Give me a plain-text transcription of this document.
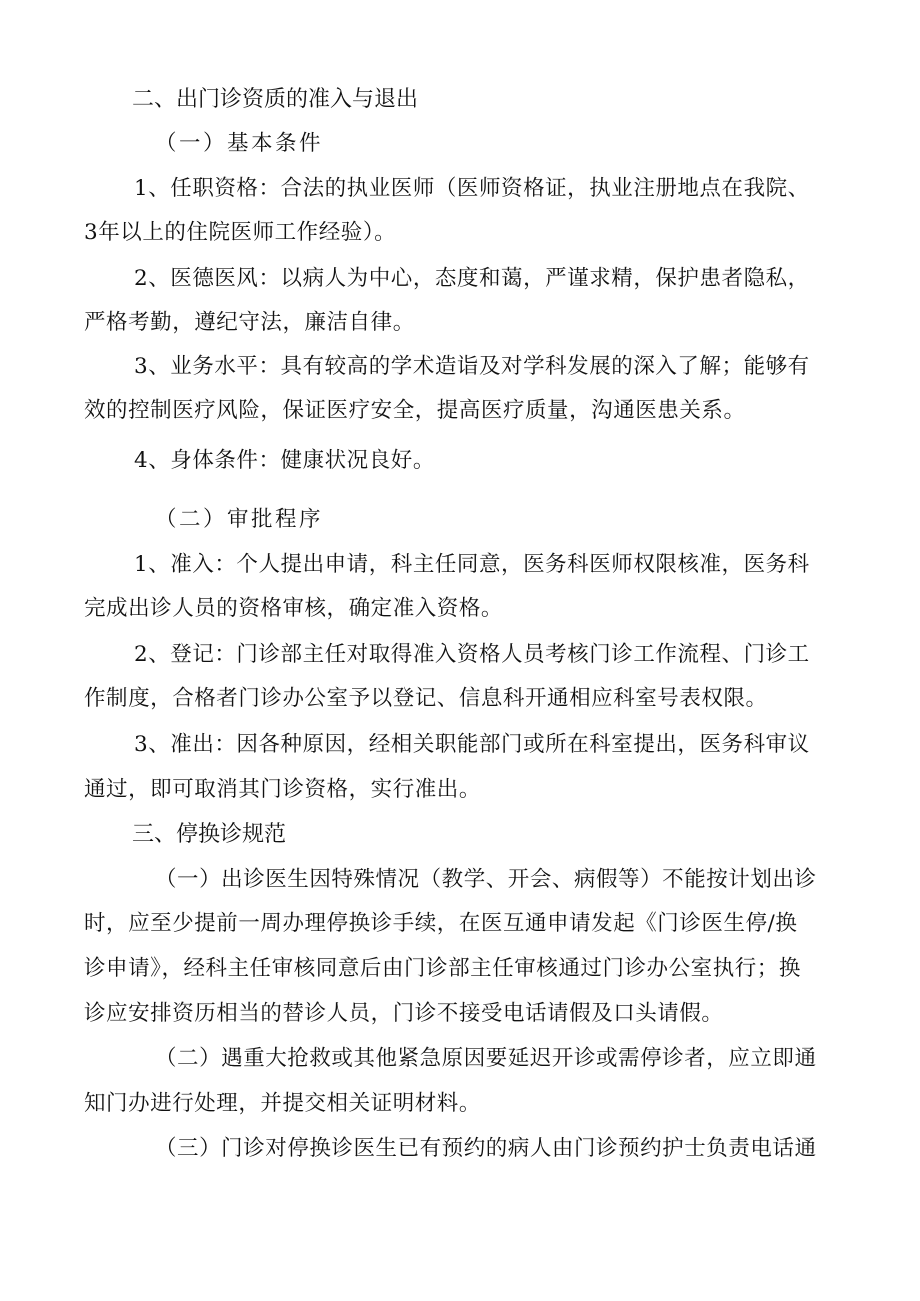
二、出门诊资质的准入与退出
（一）基本条件
1、任职资格：合法的执业医师（医师资格证，执业注册地点在我院、
3年以上的住院医师工作经验）。
2、医德医风：以病人为中心，态度和蔼，严谨求精，保护患者隐私，
严格考勤，遵纪守法，廉洁自律。
3、业务水平：具有较高的学术造诣及对学科发展的深入了解；能够有
效的控制医疗风险，保证医疗安全，提高医疗质量，沟通医患关系。
4、身体条件：健康状况良好。
（二）审批程序
1、准入：个人提出申请，科主任同意，医务科医师权限核准，医务科
完成出诊人员的资格审核，确定准入资格。
2、登记：门诊部主任对取得准入资格人员考核门诊工作流程、门诊工
作制度，合格者门诊办公室予以登记、信息科开通相应科室号表权限。
3、准出：因各种原因，经相关职能部门或所在科室提出，医务科审议
通过，即可取消其门诊资格，实行准出。
三、停换诊规范
（一）出诊医生因特殊情况（教学、开会、病假等）不能按计划出诊
时，应至少提前一周办理停换诊手续，在医互通申请发起《门诊医生停/换
诊申请》，经科主任审核同意后由门诊部主任审核通过门诊办公室执行；换
诊应安排资历相当的替诊人员，门诊不接受电话请假及口头请假。
（二）遇重大抢救或其他紧急原因要延迟开诊或需停诊者，应立即通
知门办进行处理，并提交相关证明材料。
（三）门诊对停换诊医生已有预约的病人由门诊预约护士负责电话通
